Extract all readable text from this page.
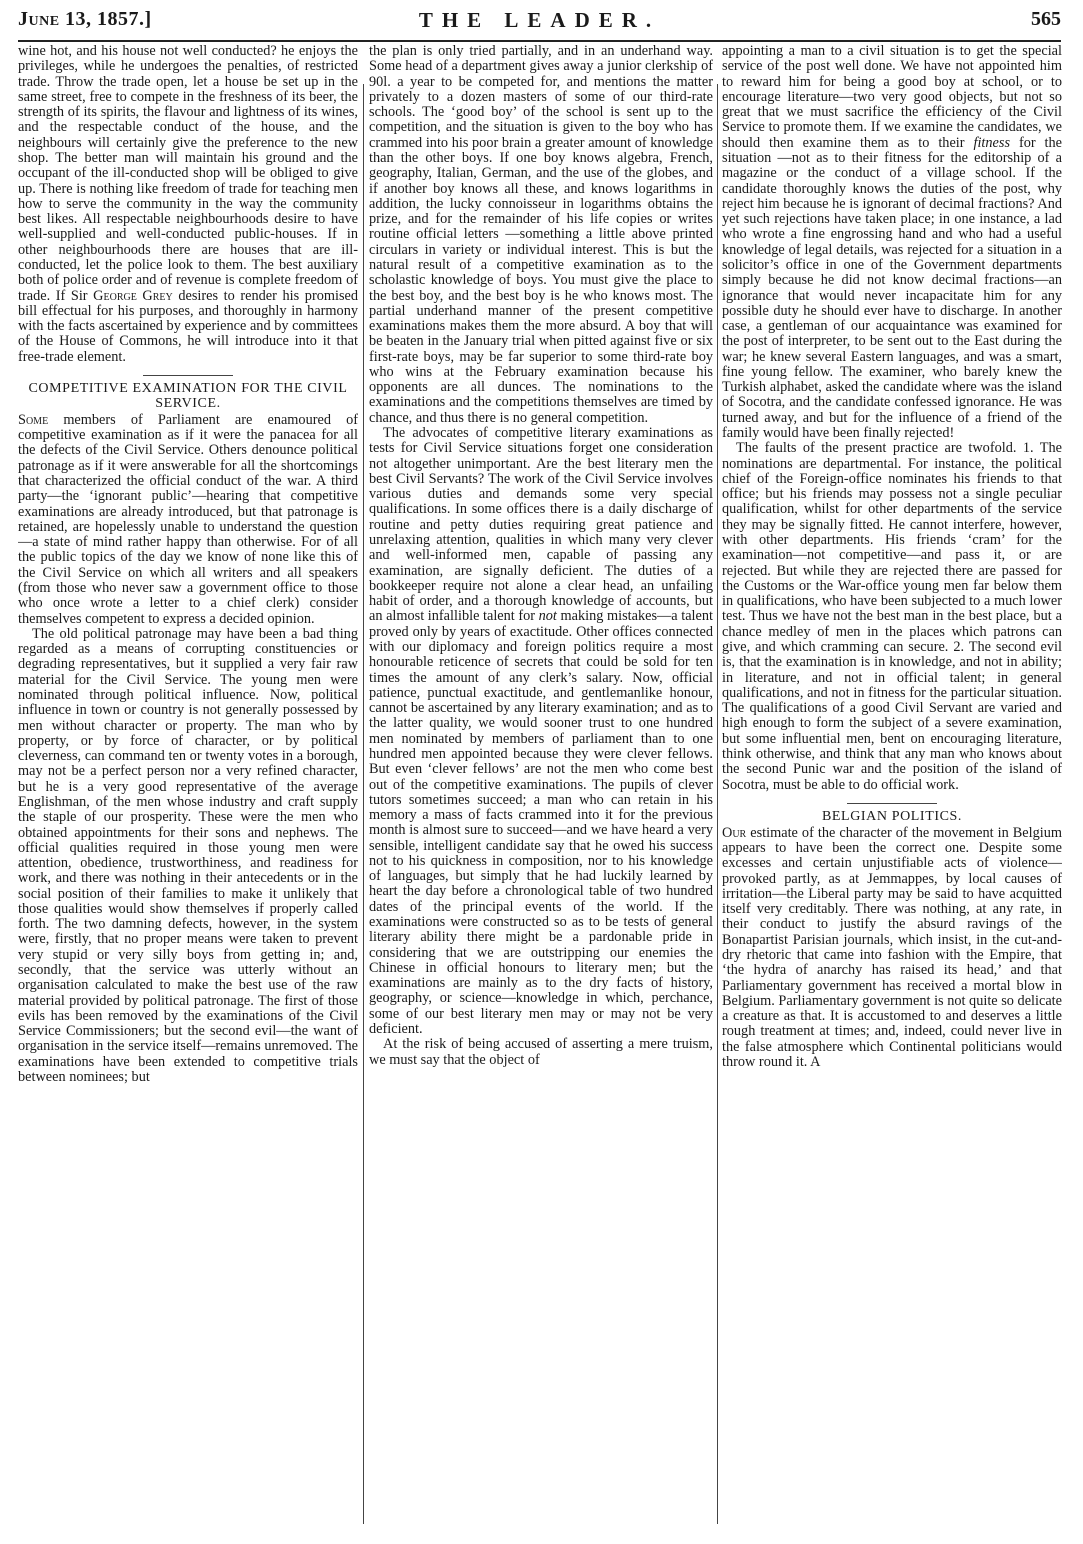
June 13, 1857.]	THE LEADER.	565

wine hot, and his house not well conducted? he enjoys the privileges, while he undergoes the penalties, of restricted trade. Throw the trade open, let a house be set up in the same street, free to compete in the freshness of its beer, the strength of its spirits, the flavour and lightness of its wines, and the respectable conduct of the house, and the neighbours will certainly give the preference to the new shop. The better man will maintain his ground and the occupant of the ill-conducted shop will be obliged to give up. There is nothing like freedom of trade for teaching men how to serve the community in the way the community best likes. All respectable neighbourhoods desire to have well-supplied and well-conducted public-houses. If in other neighbourhoods there are houses that are ill-conducted, let the police look to them. The best auxiliary both of police order and of revenue is complete freedom of trade. If Sir George Grey desires to render his promised bill effectual for his purposes, and thoroughly in harmony with the facts ascertained by experience and by committees of the House of Commons, he will introduce into it that free-trade element.

COMPETITIVE EXAMINATION FOR THE CIVIL SERVICE.

Some members of Parliament are enamoured of competitive examination as if it were the panacea for all the defects of the Civil Service. Others denounce political patronage as if it were answerable for all the shortcomings that characterized the official conduct of the war. A third party—the ‘ignorant public’—hearing that competitive examinations are already introduced, but that patronage is retained, are hopelessly unable to understand the question—a state of mind rather happy than otherwise. For of all the public topics of the day we know of none like this of the Civil Service on which all writers and all speakers (from those who never saw a government office to those who once wrote a letter to a chief clerk) consider themselves competent to express a decided opinion.

The old political patronage may have been a bad thing regarded as a means of corrupting constituencies or degrading representatives, but it supplied a very fair raw material for the Civil Service. The young men were nominated through political influence. Now, political influence in town or country is not generally possessed by men without character or property. The man who by property, or by force of character, or by political cleverness, can command ten or twenty votes in a borough, may not be a perfect person nor a very refined character, but he is a very good representative of the average Englishman, of the men whose industry and craft supply the staple of our prosperity. These were the men who obtained appointments for their sons and nephews. The official qualities required in those young men were attention, obedience, trustworthiness, and readiness for work, and there was nothing in their antecedents or in the social position of their families to make it unlikely that those qualities would show themselves if properly called forth. The two damning defects, however, in the system were, firstly, that no proper means were taken to prevent very stupid or very silly boys from getting in; and, secondly, that the service was utterly without an organisation calculated to make the best use of the raw material provided by political patronage. The first of those evils has been removed by the examinations of the Civil Service Commissioners; but the second evil—the want of organisation in the service itself—remains unremoved. The examinations have been extended to competitive trials between nominees; but

the plan is only tried partially, and in an underhand way. Some head of a department gives away a junior clerkship of 90l. a year to be competed for, and mentions the matter privately to a dozen masters of some of our third-rate schools. The ‘good boy’ of the school is sent up to the competition, and the situation is given to the boy who has crammed into his poor brain a greater amount of knowledge than the other boys. If one boy knows algebra, French, geography, Italian, German, and the use of the globes, and if another boy knows all these, and knows logarithms in addition, the lucky connoisseur in logarithms obtains the prize, and for the remainder of his life copies or writes routine official letters —something a little above printed circulars in variety or individual interest. This is but the natural result of a competitive examination as to the scholastic knowledge of boys. You must give the place to the best boy, and the best boy is he who knows most. The partial underhand manner of the present competitive examinations makes them the more absurd. A boy that will be beaten in the January trial when pitted against five or six first-rate boys, may be far superior to some third-rate boy who wins at the February examination because his opponents are all dunces. The nominations to the examinations and the competitions themselves are timed by chance, and thus there is no general competition.

The advocates of competitive literary examinations as tests for Civil Service situations forget one consideration not altogether unimportant. Are the best literary men the best Civil Servants? The work of the Civil Service involves various duties and demands some very special qualifications. In some offices there is a daily discharge of routine and petty duties requiring great patience and unrelaxing attention, qualities in which many very clever and well-informed men, capable of passing any examination, are signally deficient. The duties of a bookkeeper require not alone a clear head, an unfailing habit of order, and a thorough knowledge of accounts, but an almost infallible talent for not making mistakes—a talent proved only by years of exactitude. Other offices connected with our diplomacy and foreign politics require a most honourable reticence of secrets that could be sold for ten times the amount of any clerk’s salary. Now, official patience, punctual exactitude, and gentlemanlike honour, cannot be ascertained by any literary examination; and as to the latter quality, we would sooner trust to one hundred men nominated by members of parliament than to one hundred men appointed because they were clever fellows. But even ‘clever fellows’ are not the men who come best out of the competitive examinations. The pupils of clever tutors sometimes succeed; a man who can retain in his memory a mass of facts crammed into it for the previous month is almost sure to succeed—and we have heard a very sensible, intelligent candidate say that he owed his success not to his quickness in composition, nor to his knowledge of languages, but simply that he had luckily learned by heart the day before a chronological table of two hundred dates of the principal events of the world. If the examinations were constructed so as to be tests of general literary ability there might be a pardonable pride in considering that we are outstripping our enemies the Chinese in official honours to literary men; but the examinations are mainly as to the dry facts of history, geography, or science—knowledge in which, perchance, some of our best literary men may or may not be very deficient.

At the risk of being accused of asserting a mere truism, we must say that the object of

appointing a man to a civil situation is to get the special service of the post well done. We have not appointed him to reward him for being a good boy at school, or to encourage literature—two very good objects, but not so great that we must sacrifice the efficiency of the Civil Service to promote them. If we examine the candidates, we should then examine them as to their fitness for the situation —not as to their fitness for the editorship of a magazine or the conduct of a village school. If the candidate thoroughly knows the duties of the post, why reject him because he is ignorant of decimal fractions? And yet such rejections have taken place; in one instance, a lad who wrote a fine engrossing hand and who had a useful knowledge of legal details, was rejected for a situation in a solicitor’s office in one of the Government departments simply because he did not know decimal fractions—an ignorance that would never incapacitate him for any possible duty he should ever have to discharge. In another case, a gentleman of our acquaintance was examined for the post of interpreter, to be sent out to the East during the war; he knew several Eastern languages, and was a smart, fine young fellow. The examiner, who barely knew the Turkish alphabet, asked the candidate where was the island of Socotra, and the candidate confessed ignorance. He was turned away, and but for the influence of a friend of the family would have been finally rejected!

The faults of the present practice are twofold. 1. The nominations are departmental. For instance, the political chief of the Foreign-office nominates his friends to that office; but his friends may possess not a single peculiar qualification, whilst for other departments of the service they may be signally fitted. He cannot interfere, however, with other departments. His friends ‘cram’ for the examination—not competitive—and pass it, or are rejected. But while they are rejected there are passed for the Customs or the War-office young men far below them in qualifications, who have been subjected to a much lower test. Thus we have not the best man in the best place, but a chance medley of men in the places which patrons can give, and which cramming can secure. 2. The second evil is, that the examination is in knowledge, and not in ability; in literature, and not in official talent; in general qualifications, and not in fitness for the particular situation. The qualifications of a good Civil Servant are varied and high enough to form the subject of a severe examination, but some influential men, bent on encouraging literature, think otherwise, and think that any man who knows about the second Punic war and the position of the island of Socotra, must be able to do official work.

BELGIAN POLITICS.

Our estimate of the character of the movement in Belgium appears to have been the correct one. Despite some excesses and certain unjustifiable acts of violence—provoked partly, as at Jemmappes, by local causes of irritation—the Liberal party may be said to have acquitted itself very creditably. There was nothing, at any rate, in their conduct to justify the absurd ravings of the Bonapartist Parisian journals, which insist, in the cut-and-dry rhetoric that came into fashion with the Empire, that ‘the hydra of anarchy has raised its head,’ and that Parliamentary government has received a mortal blow in Belgium. Parliamentary government is not quite so delicate a creature as that. It is accustomed to and deserves a little rough treatment at times; and, indeed, could never live in the false atmosphere which Continental politicians would throw round it. A
